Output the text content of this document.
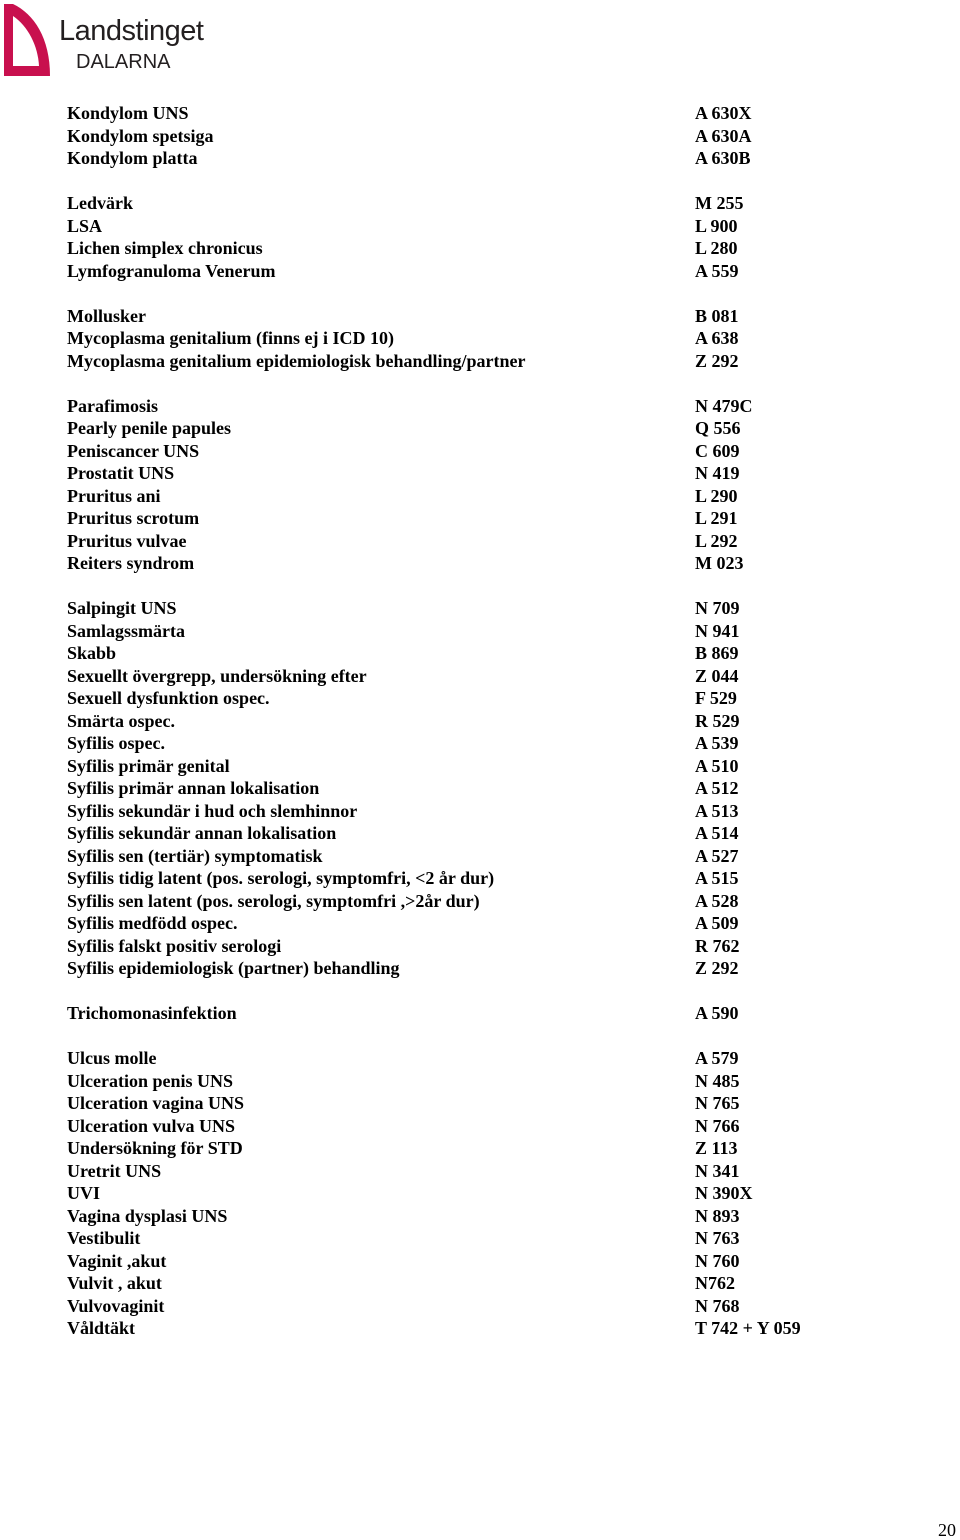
Landstinget
DALARNA
Kondylom UNS	A 630X
Kondylom spetsiga	A 630A
Kondylom platta	A 630B
Ledvärk	M 255
LSA	L 900
Lichen simplex chronicus	L 280
Lymfogranuloma Venerum	A 559
Mollusker	B 081
Mycoplasma genitalium (finns ej i ICD 10)	A 638
Mycoplasma genitalium epidemiologisk behandling/partner	Z 292
Parafimosis	N 479C
Pearly penile papules	Q 556
Peniscancer UNS	C 609
Prostatit UNS	N 419
Pruritus ani	L 290
Pruritus scrotum	L 291
Pruritus vulvae	L 292
Reiters syndrom	M 023
Salpingit UNS	N 709
Samlagssmärta	N 941
Skabb	B 869
Sexuellt övergrepp, undersökning efter	Z 044
Sexuell dysfunktion ospec.	F 529
Smärta ospec.	R 529
Syfilis ospec.	A 539
Syfilis primär genital	A 510
Syfilis primär annan lokalisation	A 512
Syfilis sekundär i hud och slemhinnor	A 513
Syfilis sekundär annan lokalisation	A 514
Syfilis sen (tertiär) symptomatisk	A 527
Syfilis tidig latent (pos. serologi, symptomfri, <2 år dur)	A 515
Syfilis sen latent (pos. serologi, symptomfri ,>2år dur)	A 528
Syfilis medfödd ospec.	A 509
Syfilis falskt positiv serologi	R 762
Syfilis epidemiologisk (partner) behandling	Z 292
Trichomonasinfektion	A 590
Ulcus molle	A 579
Ulceration penis UNS	N 485
Ulceration vagina UNS	N 765
Ulceration vulva UNS	N 766
Undersökning för STD	Z 113
Uretrit UNS	N 341
UVI	N 390X
Vagina dysplasi UNS	N 893
Vestibulit	N 763
Vaginit ,akut	N 760
Vulvit , akut	N762
Vulvovaginit	N 768
Våldtäkt	T 742 + Y 059
20
